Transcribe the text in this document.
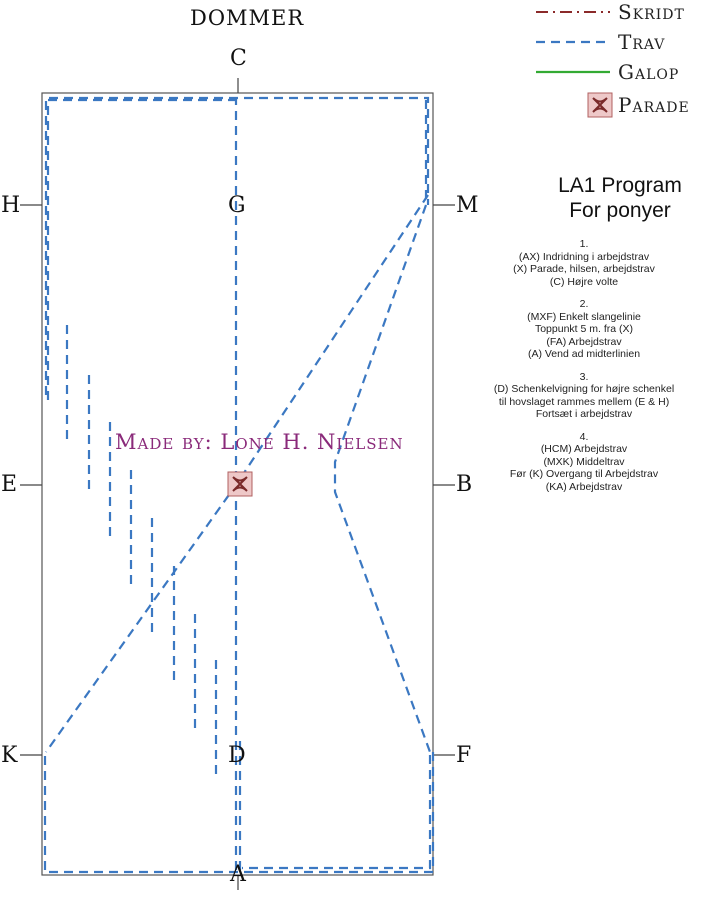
DOMMER
C
H	G	M
E	B
K	D	F
A
Skridt
Trav
Galop
Parade
Made by: Lone H. Nielsen
LA1 Program
For ponyer
1.
(AX) Indridning i arbejdstrav
(X) Parade, hilsen, arbejdstrav
(C) Højre volte
2.
(MXF) Enkelt slangelinie
Toppunkt 5 m. fra (X)
(FA) Arbejdstrav
(A) Vend ad midterlinien
3.
(D) Schenkelvigning for højre schenkel
til hovslaget rammes mellem (E & H)
Fortsæt i arbejdstrav
4.
(HCM) Arbejdstrav
(MXK) Middeltrav
Før (K) Overgang til Arbejdstrav
(KA) Arbejdstrav
